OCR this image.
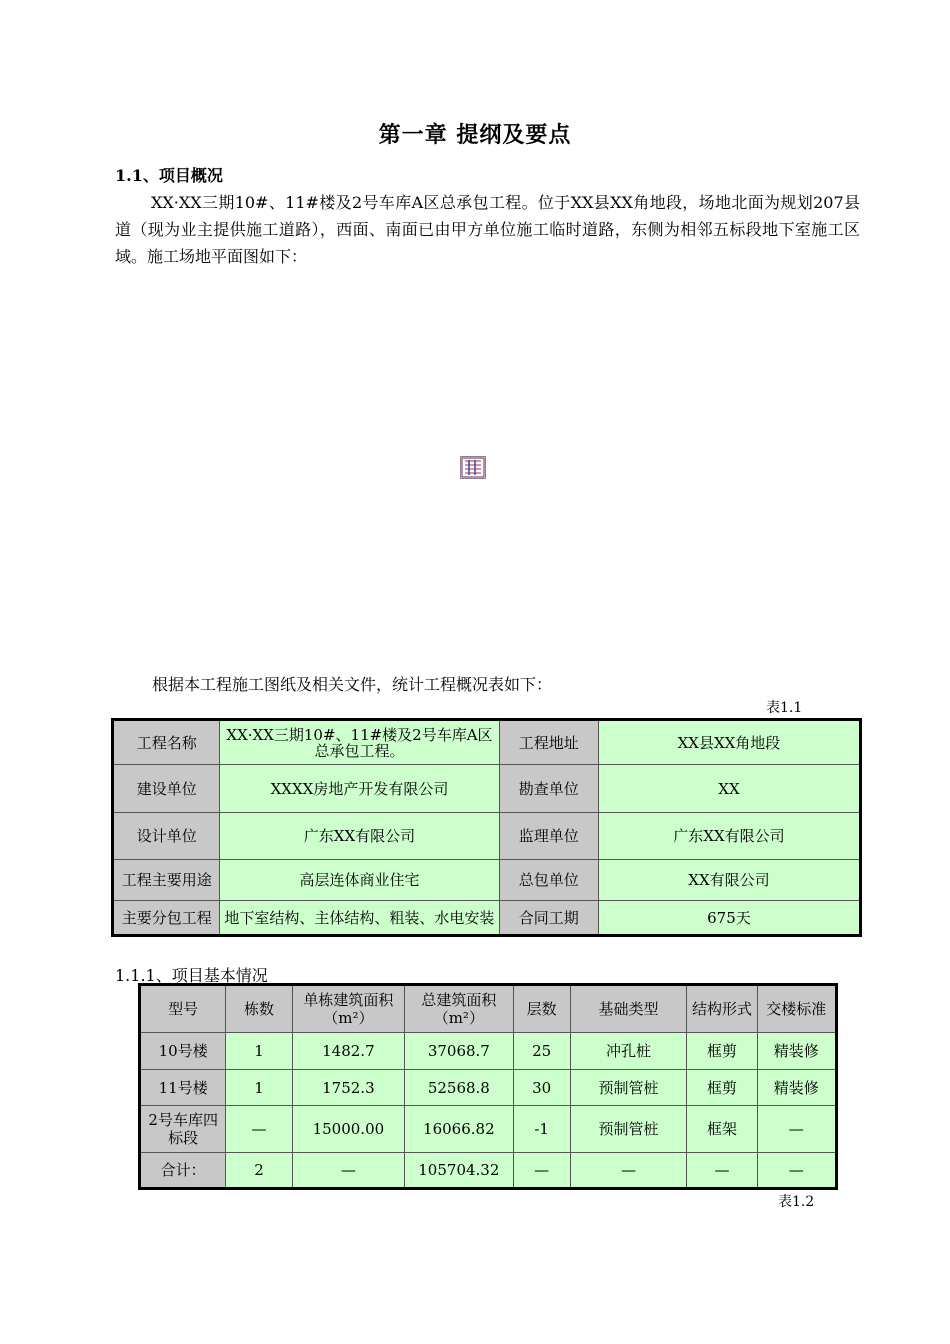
第一章 提纲及要点
1.1、项目概况
XX·XX三期10#、11#楼及2号车库A区总承包工程。位于XX县XX角地段，场地北面为规划207县道（现为业主提供施工道路），西面、南面已由甲方单位施工临时道路，东侧为相邻五标段地下室施工区域。施工场地平面图如下：
根据本工程施工图纸及相关文件，统计工程概况表如下：
表1.1
工程名称	XX·XX三期10#、11#楼及2号车库A区总承包工程。	工程地址	XX县XX角地段
建设单位	XXXX房地产开发有限公司	勘查单位	XX
设计单位	广东XX有限公司	监理单位	广东XX有限公司
工程主要用途	高层连体商业住宅	总包单位	XX有限公司
主要分包工程	地下室结构、主体结构、粗装、水电安装	合同工期	675天
1.1.1、项目基本情况
型号	栋数	单栋建筑面积（m²）	总建筑面积（m²）	层数	基础类型	结构形式	交楼标准
10号楼	1	1482.7	37068.7	25	冲孔桩	框剪	精装修
11号楼	1	1752.3	52568.8	30	预制管桩	框剪	精装修
2号车库四标段	—	15000.00	16066.82	-1	预制管桩	框架	—
合计：	2	—	105704.32	—	—	—	—
表1.2
